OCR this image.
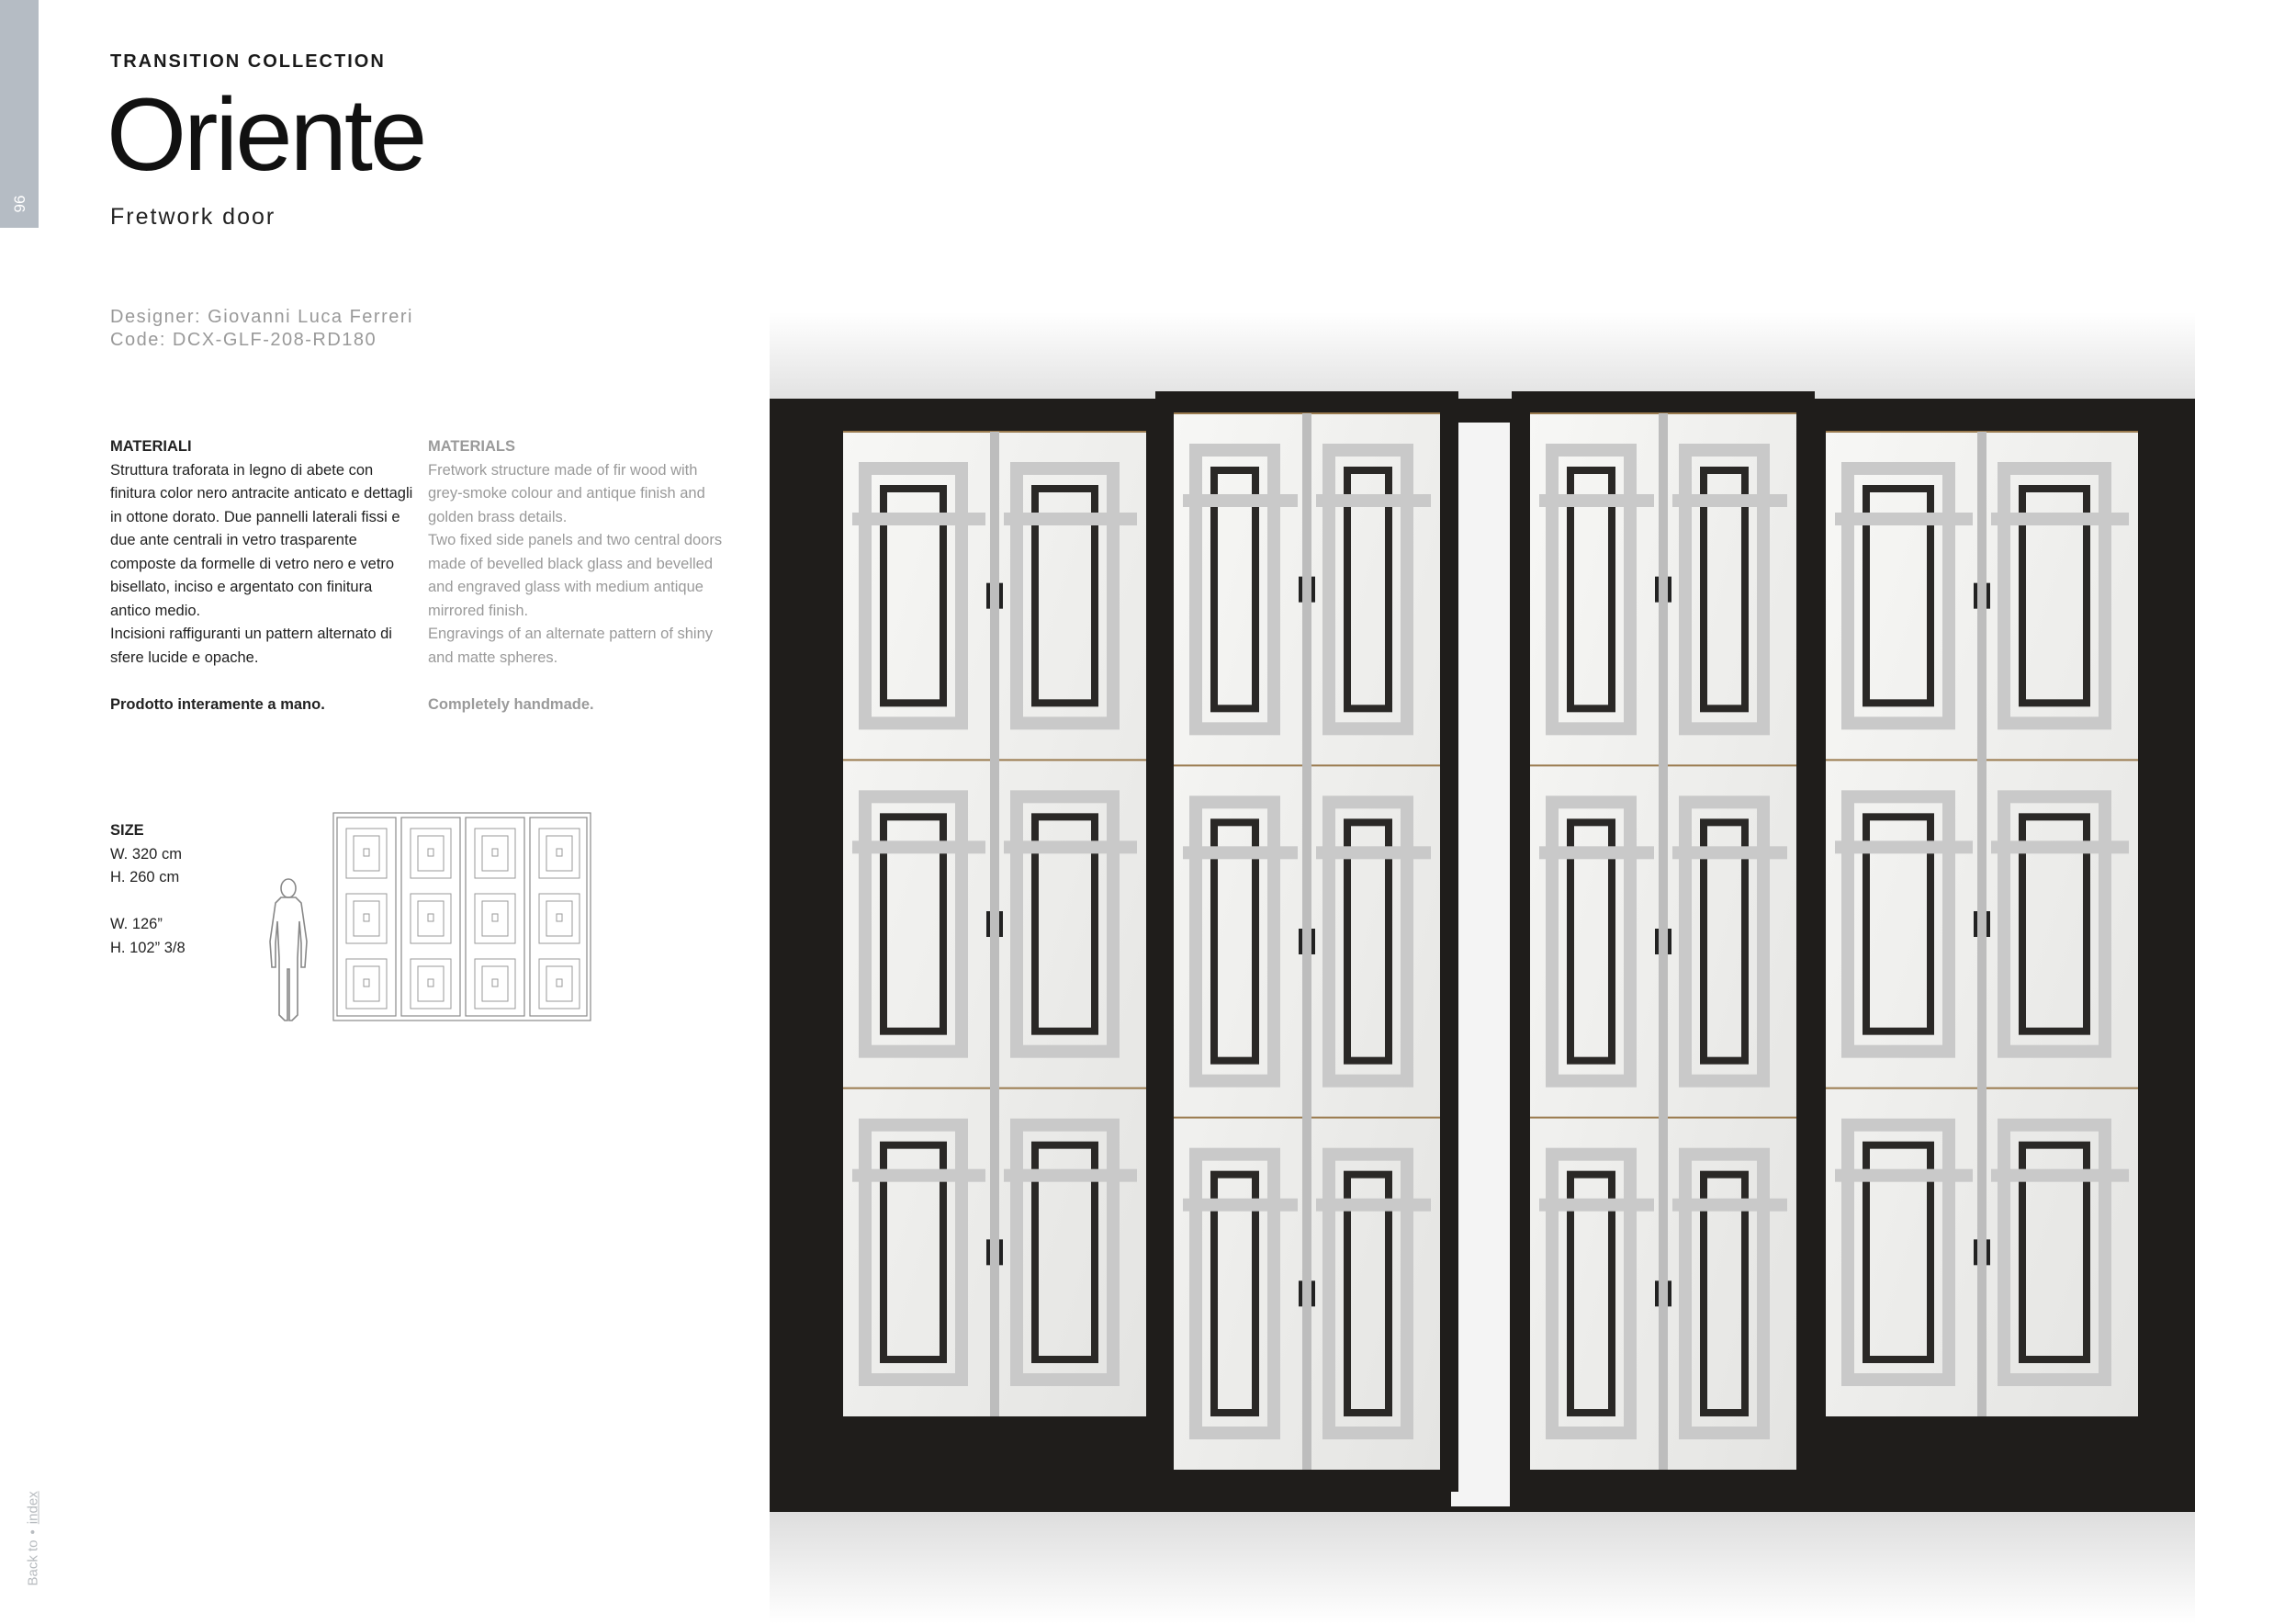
96
Back to•index
TRANSITION COLLECTION
Oriente
Fretwork door
Designer: Giovanni Luca Ferreri
Code: DCX-GLF-208-RD180
MATERIALI

Struttura traforata in legno di abete con finitura color nero antracite anticato e dettagli in ottone dorato. Due pannelli laterali fissi e due ante centrali in vetro trasparente composte da formelle di vetro nero e vetro bisellato, inciso e argentato con finitura antico medio.

Incisioni raffiguranti un pattern alternato di sfere lucide e opache.

Prodotto interamente a mano.

MATERIALS

Fretwork structure made of fir wood with grey-smoke colour and antique finish and golden brass details.

Two fixed side panels and two central doors made of bevelled black glass and bevelled and engraved glass with medium antique mirrored finish.

Engravings of an alternate pattern of shiny and matte spheres.

Completely handmade.

SIZE
W. 320 cm
H. 260 cm
W. 126”
H. 102” 3/8
